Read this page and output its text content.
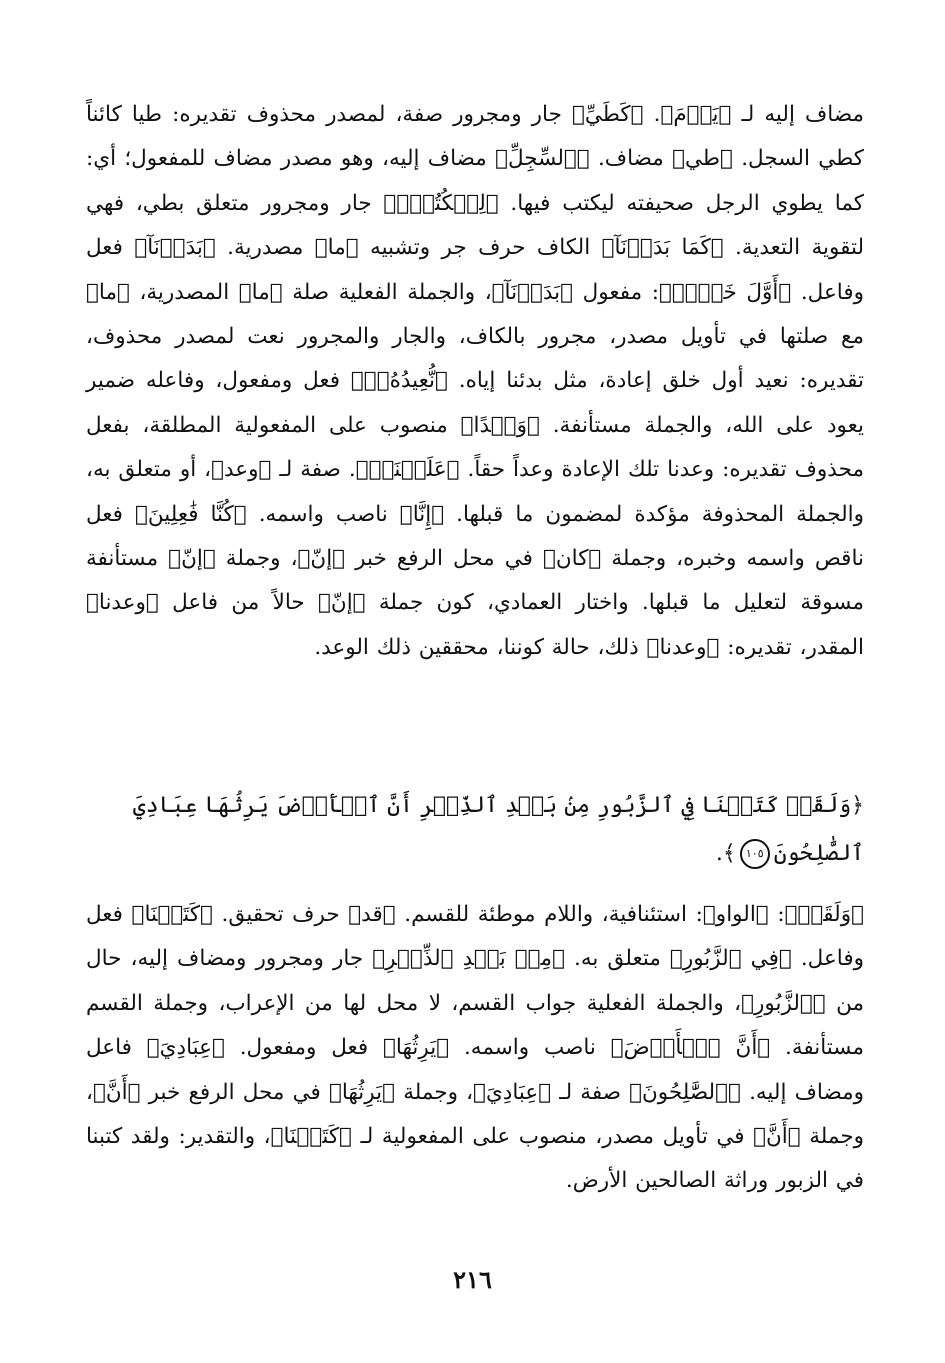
مضاف إليه لـ ﴿يَوۡمَ﴾. ﴿كَطَيِّ﴾ جار ومجرور صفة، لمصدر محذوف تقديره: طيا كائناً كطي السجل. ﴿طي﴾ مضاف. ﴿ٱلسِّجِلِّ﴾ مضاف إليه، وهو مصدر مضاف للمفعول؛ أي: كما يطوي الرجل صحيفته ليكتب فيها. ﴿لِلۡكُتُبِۚ﴾ جار ومجرور متعلق بطي، فهي لتقوية التعدية. ﴿كَمَا بَدَأۡنَآ﴾ الكاف حرف جر وتشبيه ﴿ما﴾ مصدرية. ﴿بَدَأۡنَآ﴾ فعل وفاعل. ﴿أَوَّلَ خَلۡقٖ﴾: مفعول ﴿بَدَأۡنَآ﴾، والجملة الفعلية صلة ﴿ما﴾ المصدرية، ﴿ما﴾ مع صلتها في تأويل مصدر، مجرور بالكاف، والجار والمجرور نعت لمصدر محذوف، تقديره: نعيد أول خلق إعادة، مثل بدئنا إياه. ﴿نُّعِيدُهُۥۚ﴾ فعل ومفعول، وفاعله ضمير يعود على الله، والجملة مستأنفة. ﴿وَعۡدًا﴾ منصوب على المفعولية المطلقة، بفعل محذوف تقديره: وعدنا تلك الإعادة وعداً حقاً. ﴿عَلَيۡنَآۚ﴾. صفة لـ ﴿وعد﴾، أو متعلق به، والجملة المحذوفة مؤكدة لمضمون ما قبلها. ﴿إِنَّا﴾ ناصب واسمه. ﴿كُنَّا فَٰعِلِينَ﴾ فعل ناقص واسمه وخبره، وجملة ﴿كان﴾ في محل الرفع خبر ﴿إنّ﴾، وجملة ﴿إنّ﴾ مستأنفة مسوقة لتعليل ما قبلها. واختار العمادي، كون جملة ﴿إنّ﴾ حالاً من فاعل ﴿وعدنا﴾ المقدر، تقديره: ﴿وعدنا﴾ ذلك، حالة كوننا، محققين ذلك الوعد.

﴿وَلَقَدۡ كَتَبۡنَا فِي ٱلزَّبُورِ مِنۢ بَعۡدِ ٱلذِّكۡرِ أَنَّ ٱلۡأَرۡضَ يَرِثُهَا عِبَادِيَ ٱلصَّٰلِحُونَ١٠٥﴾.

﴿وَلَقَدۡ﴾: ﴿الواو﴾: استئنافية، واللام موطئة للقسم. ﴿قد﴾ حرف تحقيق. ﴿كَتَبۡنَا﴾ فعل وفاعل. ﴿فِي ٱلزَّبُورِ﴾ متعلق به. ﴿مِنۢ بَعۡدِ ٱلذِّكۡرِ﴾ جار ومجرور ومضاف إليه، حال من ﴿ٱلزَّبُورِ﴾، والجملة الفعلية جواب القسم، لا محل لها من الإعراب، وجملة القسم مستأنفة. ﴿أَنَّ ٱلۡأَرۡضَ﴾ ناصب واسمه. ﴿يَرِثُهَا﴾ فعل ومفعول. ﴿عِبَادِيَ﴾ فاعل ومضاف إليه. ﴿ٱلصَّٰلِحُونَ﴾ صفة لـ ﴿عِبَادِيَ﴾، وجملة ﴿يَرِثُهَا﴾ في محل الرفع خبر ﴿أَنَّ﴾، وجملة ﴿أَنَّ﴾ في تأويل مصدر، منصوب على المفعولية لـ ﴿كَتَبۡنَا﴾، والتقدير: ولقد كتبنا في الزبور وراثة الصالحين الأرض.

٢١٦
